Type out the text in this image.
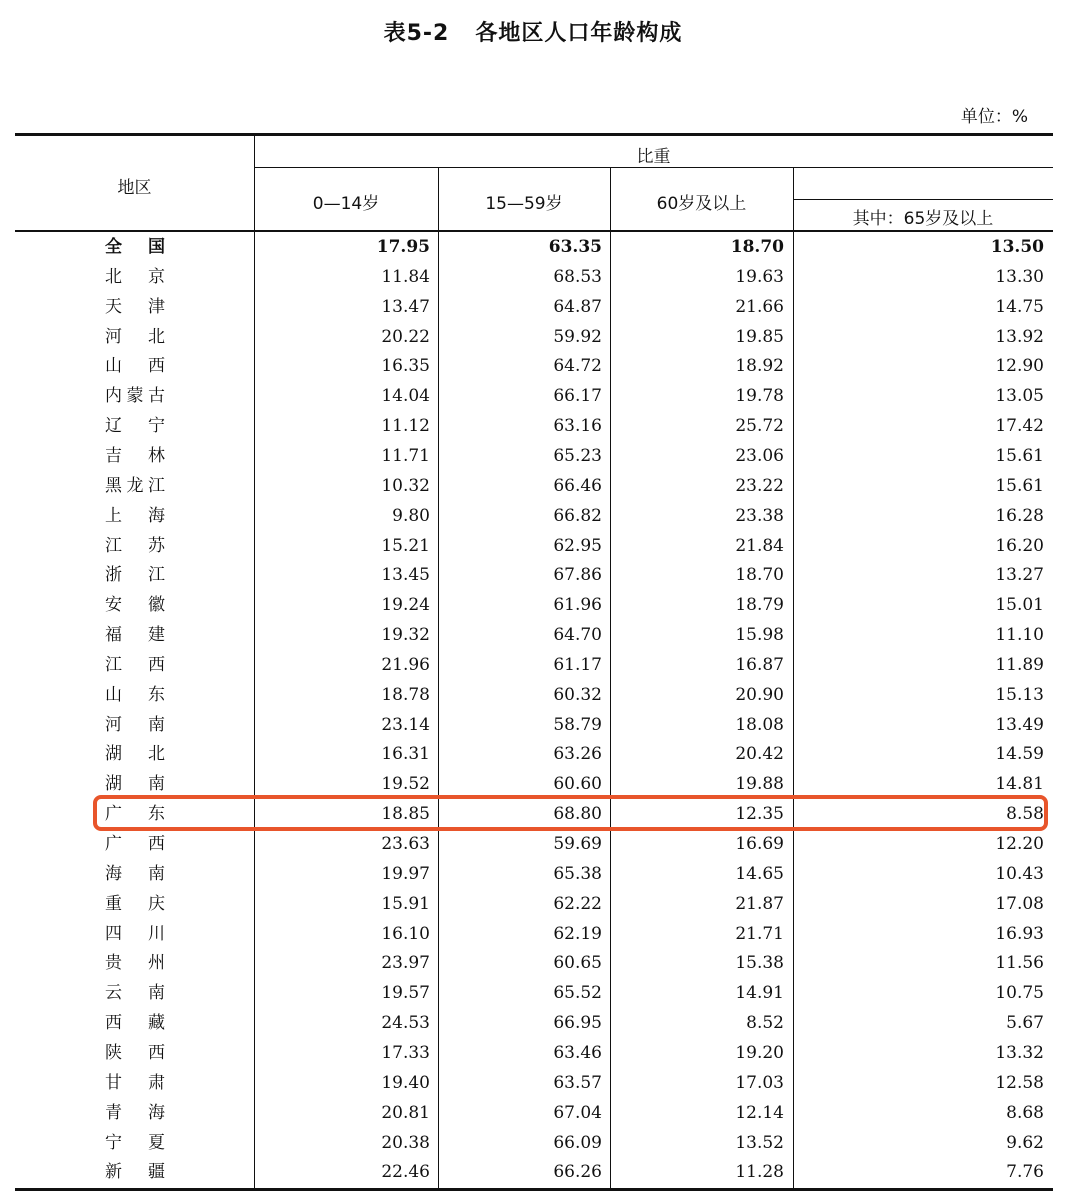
表5-2 各地区人口年龄构成
单位：%
地区
比重
0—14岁	15—59岁	60岁及以上
其中：65岁及以上
全国	17.95	63.35	18.70	13.50
北京	11.84	68.53	19.63	13.30
天津	13.47	64.87	21.66	14.75
河北	20.22	59.92	19.85	13.92
山西	16.35	64.72	18.92	12.90
内蒙古	14.04	66.17	19.78	13.05
辽宁	11.12	63.16	25.72	17.42
吉林	11.71	65.23	23.06	15.61
黑龙江	10.32	66.46	23.22	15.61
上海	9.80	66.82	23.38	16.28
江苏	15.21	62.95	21.84	16.20
浙江	13.45	67.86	18.70	13.27
安徽	19.24	61.96	18.79	15.01
福建	19.32	64.70	15.98	11.10
江西	21.96	61.17	16.87	11.89
山东	18.78	60.32	20.90	15.13
河南	23.14	58.79	18.08	13.49
湖北	16.31	63.26	20.42	14.59
湖南	19.52	60.60	19.88	14.81
广东	18.85	68.80	12.35	8.58
广西	23.63	59.69	16.69	12.20
海南	19.97	65.38	14.65	10.43
重庆	15.91	62.22	21.87	17.08
四川	16.10	62.19	21.71	16.93
贵州	23.97	60.65	15.38	11.56
云南	19.57	65.52	14.91	10.75
西藏	24.53	66.95	8.52	5.67
陕西	17.33	63.46	19.20	13.32
甘肃	19.40	63.57	17.03	12.58
青海	20.81	67.04	12.14	8.68
宁夏	20.38	66.09	13.52	9.62
新疆	22.46	66.26	11.28	7.76
